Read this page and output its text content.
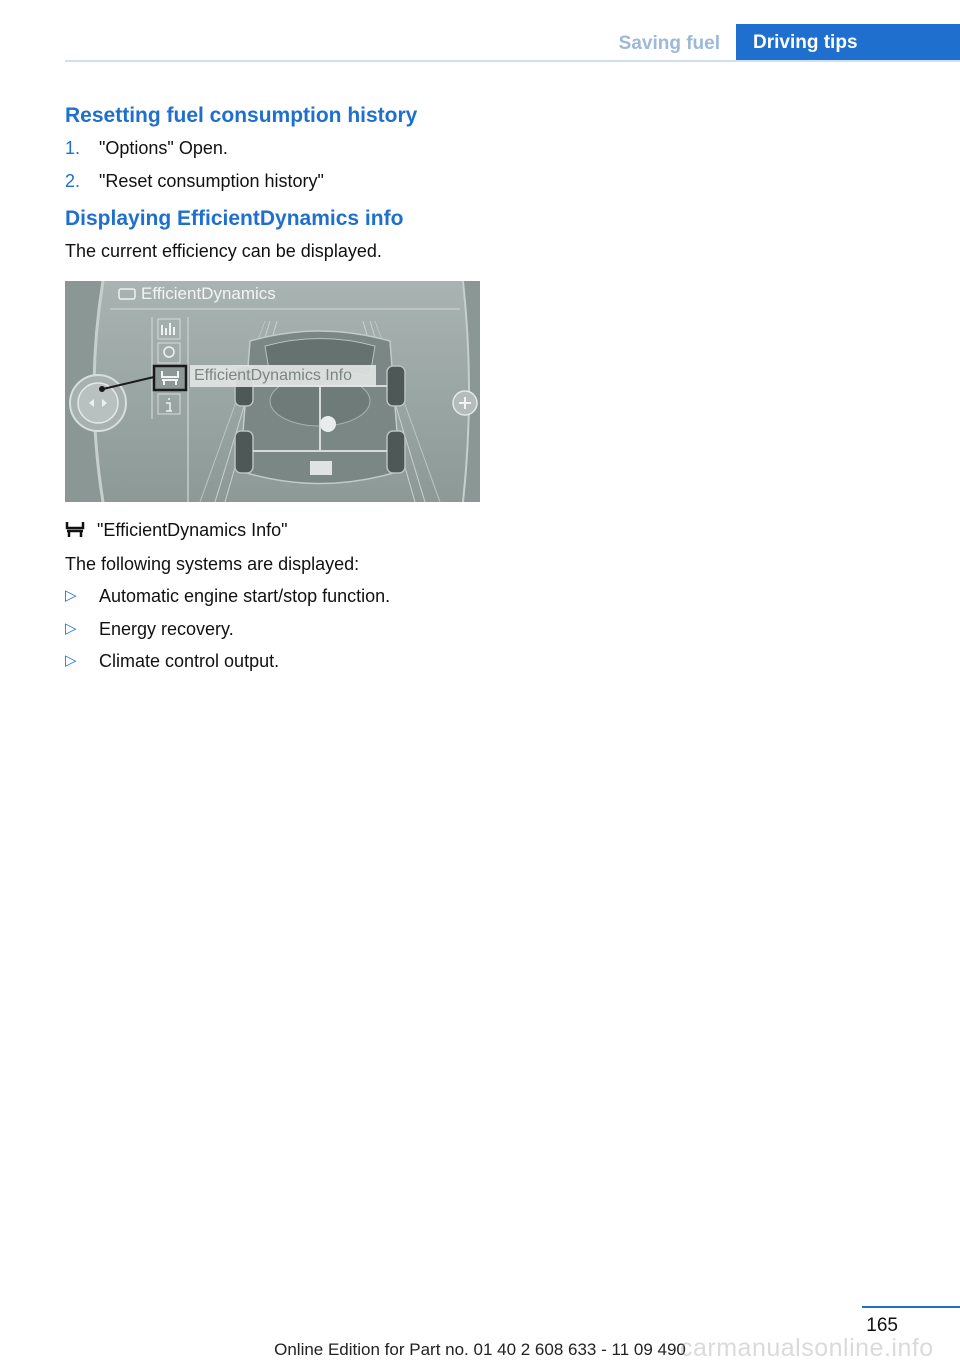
Saving fuel	Driving tips
Resetting fuel consumption history
1. "Options" Open.
2. "Reset consumption history"
Displaying EfficientDynamics info

The current efficiency can be displayed.

EfficientDynamics
EfficientDynamics Info
"EfficientDynamics Info"

The following systems are displayed:

▷ Automatic engine start/stop function.
▷ Energy recovery.
▷ Climate control output.
165
Online Edition for Part no. 01 40 2 608 633 - 11 09 490
carmanualsonline.info
